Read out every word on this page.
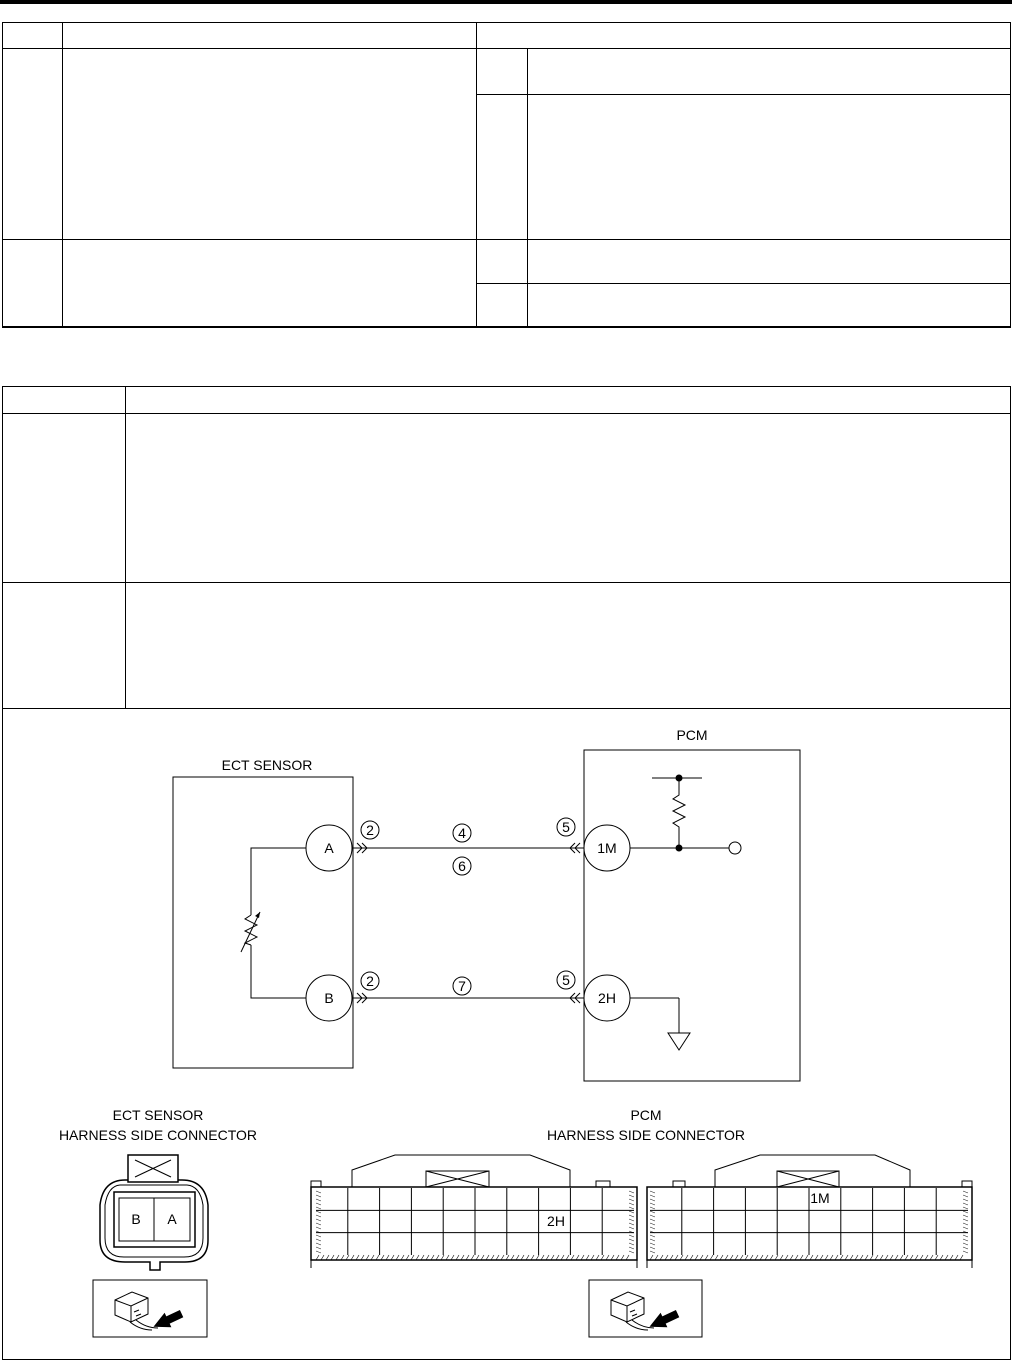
ECT SENSOR
PCM
A
B
2	4
6
5
2	7	5
1M
2H
ECT SENSOR
HARNESS SIDE CONNECTOR
B A
PCM
HARNESS SIDE CONNECTOR
2H
1M
